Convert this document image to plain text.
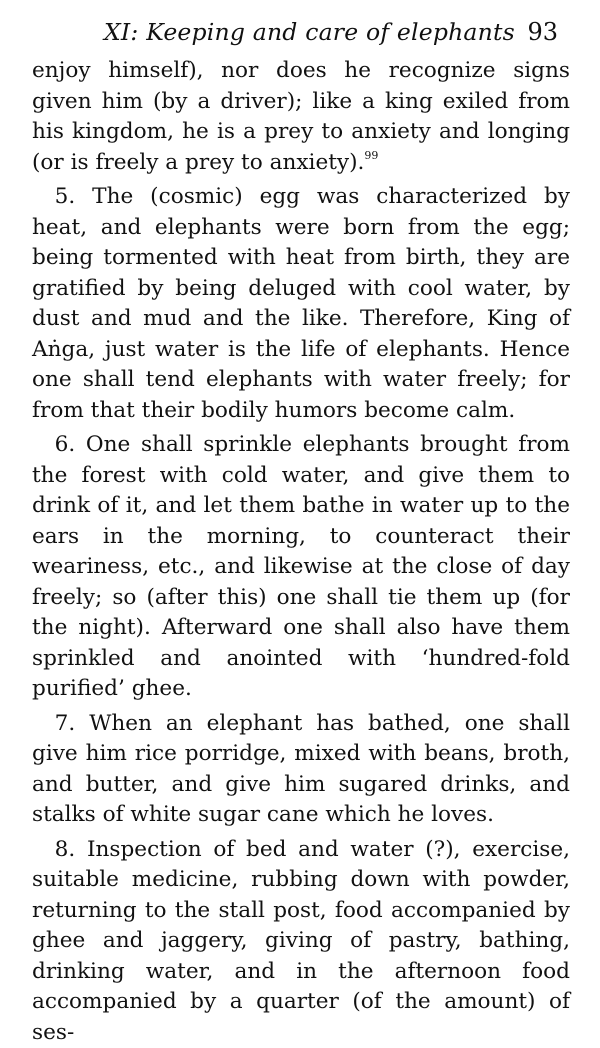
XI: Keeping and care of elephants 93

enjoy himself), nor does he recognize signs given him (by a driver); like a king exiled from his kingdom, he is a prey to anxiety and longing (or is freely a prey to anxiety).$^{99}$

5. The (cosmic) egg was characterized by heat, and elephants were born from the egg; being tormented with heat from birth, they are gratified by being deluged with cool water, by dust and mud and the like. Therefore, King of Aṅga, just water is the life of elephants. Hence one shall tend elephants with water freely; for from that their bodily humors become calm.

6. One shall sprinkle elephants brought from the forest with cold water, and give them to drink of it, and let them bathe in water up to the ears in the morning, to counteract their weariness, etc., and likewise at the close of day freely; so (after this) one shall tie them up (for the night). Afterward one shall also have them sprinkled and anointed with ‘hundred-fold purified’ ghee.

7. When an elephant has bathed, one shall give him rice porridge, mixed with beans, broth, and butter, and give him sugared drinks, and stalks of white sugar cane which he loves.

8. Inspection of bed and water (?), exercise, suitable medicine, rubbing down with powder, returning to the stall post, food accompanied by ghee and jaggery, giving of pastry, bathing, drinking water, and in the afternoon food accompanied by a quarter (of the amount) of ses-
